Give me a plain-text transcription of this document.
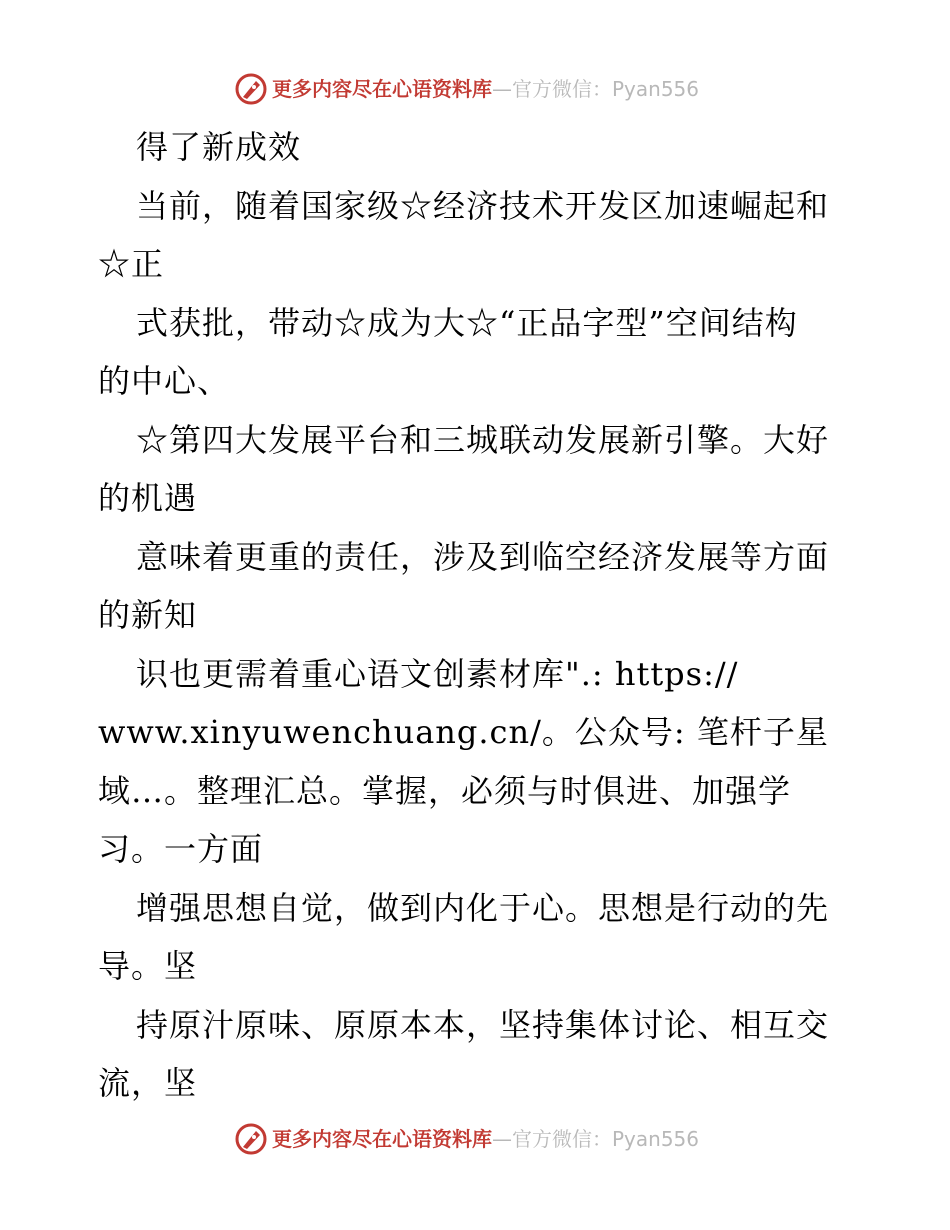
更多内容尽在心语资料库—官方微信：Pyan556
得了新成效
当前，随着国家级☆经济技术开发区加速崛起和
☆正
式获批，带动☆成为大☆“正品字型”空间结构
的中心、
☆第四大发展平台和三城联动发展新引擎。大好
的机遇
意味着更重的责任，涉及到临空经济发展等方面
的新知
识也更需着重心语文创素材库".: https://
www.xinyuwenchuang.cn/。公众号: 笔杆子星
域…。整理汇总。掌握，必须与时俱进、加强学
习。一方面
增强思想自觉，做到内化于心。思想是行动的先
导。坚
持原汁原味、原原本本，坚持集体讨论、相互交
流，坚
更多内容尽在心语资料库—官方微信：Pyan556
